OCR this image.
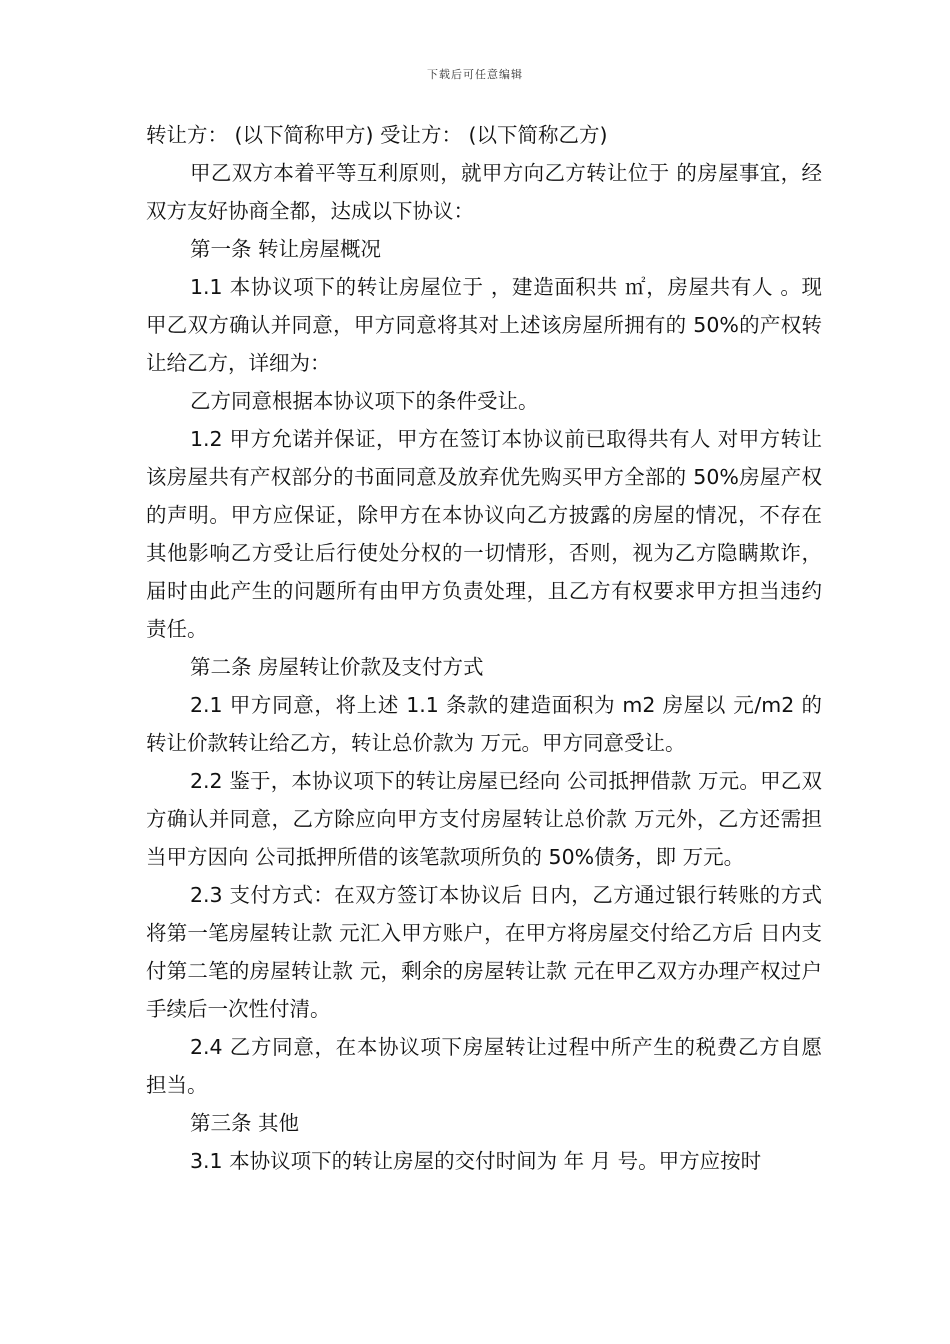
下载后可任意编辑

转让方： (以下简称甲方) 受让方： (以下简称乙方)

甲乙双方本着平等互利原则，就甲方向乙方转让位于 的房屋事宜，经双方友好协商全都，达成以下协议：

第一条 转让房屋概况

1.1 本协议项下的转让房屋位于 ，建造面积共 ㎡，房屋共有人 。现甲乙双方确认并同意，甲方同意将其对上述该房屋所拥有的 50%的产权转让给乙方，详细为：

乙方同意根据本协议项下的条件受让。

1.2 甲方允诺并保证，甲方在签订本协议前已取得共有人 对甲方转让该房屋共有产权部分的书面同意及放弃优先购买甲方全部的 50%房屋产权的声明。甲方应保证，除甲方在本协议向乙方披露的房屋的情况，不存在其他影响乙方受让后行使处分权的一切情形，否则，视为乙方隐瞒欺诈，届时由此产生的问题所有由甲方负责处理，且乙方有权要求甲方担当违约责任。

第二条 房屋转让价款及支付方式

2.1 甲方同意，将上述 1.1 条款的建造面积为 m2 房屋以 元/m2 的转让价款转让给乙方，转让总价款为 万元。甲方同意受让。

2.2 鉴于，本协议项下的转让房屋已经向 公司抵押借款 万元。甲乙双方确认并同意，乙方除应向甲方支付房屋转让总价款 万元外，乙方还需担当甲方因向 公司抵押所借的该笔款项所负的 50%债务，即 万元。

2.3 支付方式：在双方签订本协议后 日内，乙方通过银行转账的方式将第一笔房屋转让款 元汇入甲方账户，在甲方将房屋交付给乙方后 日内支付第二笔的房屋转让款 元，剩余的房屋转让款 元在甲乙双方办理产权过户手续后一次性付清。

2.4 乙方同意，在本协议项下房屋转让过程中所产生的税费乙方自愿担当。

第三条 其他

3.1 本协议项下的转让房屋的交付时间为 年 月 号。甲方应按时
